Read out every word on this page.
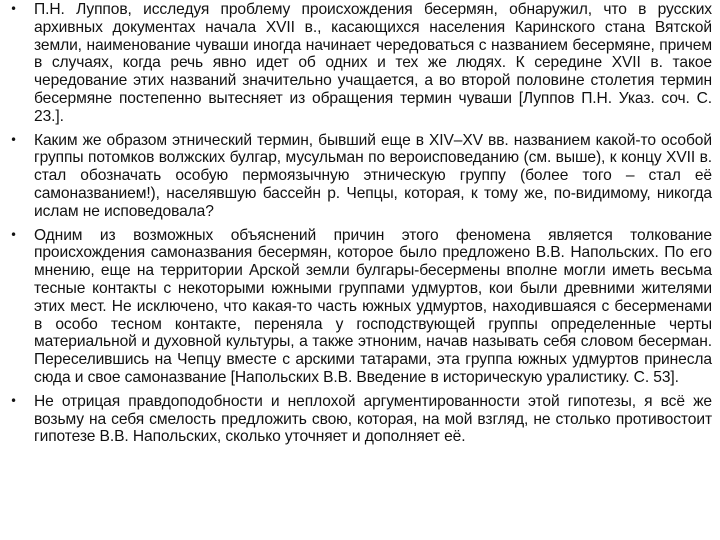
• П.Н. Луппов, исследуя проблему происхождения бесермян, обнаружил, что в русских архивных документах начала XVII в., касающихся населения Каринского стана Вятской земли, наименование чуваши иногда начинает чередоваться с названием бесермяне, причем в случаях, когда речь явно идет об одних и тех же людях. К середине XVII в. такое чередование этих названий значительно учащается, а во второй половине столетия термин бесермяне постепенно вытесняет из обращения термин чуваши [Луппов П.Н. Указ. соч. С. 23.].
• Каким же образом этнический термин, бывший еще в XIV–XV вв. названием какой-то особой группы потомков волжских булгар, мусульман по вероисповеданию (см. выше), к концу XVII в. стал обозначать особую пермоязычную этническую группу (более того – стал её самоназванием!), населявшую бассейн р. Чепцы, которая, к тому же, по-видимому, никогда ислам не исповедовала?
• Одним из возможных объяснений причин этого феномена является толкование происхождения самоназвания бесермян, которое было предложено В.В. Напольских. По его мнению, еще на территории Арской земли булгары-бесермены вполне могли иметь весьма тесные контакты с некоторыми южными группами удмуртов, кои были древними жителями этих мест. Не исключено, что какая-то часть южных удмуртов, находившаяся с бесерменами в особо тесном контакте, переняла у господствующей группы определенные черты материальной и духовной культуры, а также этноним, начав называть себя словом бесерман. Переселившись на Чепцу вместе с арскими татарами, эта группа южных удмуртов принесла сюда и свое самоназвание [Напольских В.В. Введение в историческую уралистику. С. 53].
• Не отрицая правдоподобности и неплохой аргументированности этой гипотезы, я всё же возьму на себя смелость предложить свою, которая, на мой взгляд, не столько противостоит гипотезе В.В. Напольских, сколько уточняет и дополняет её.
